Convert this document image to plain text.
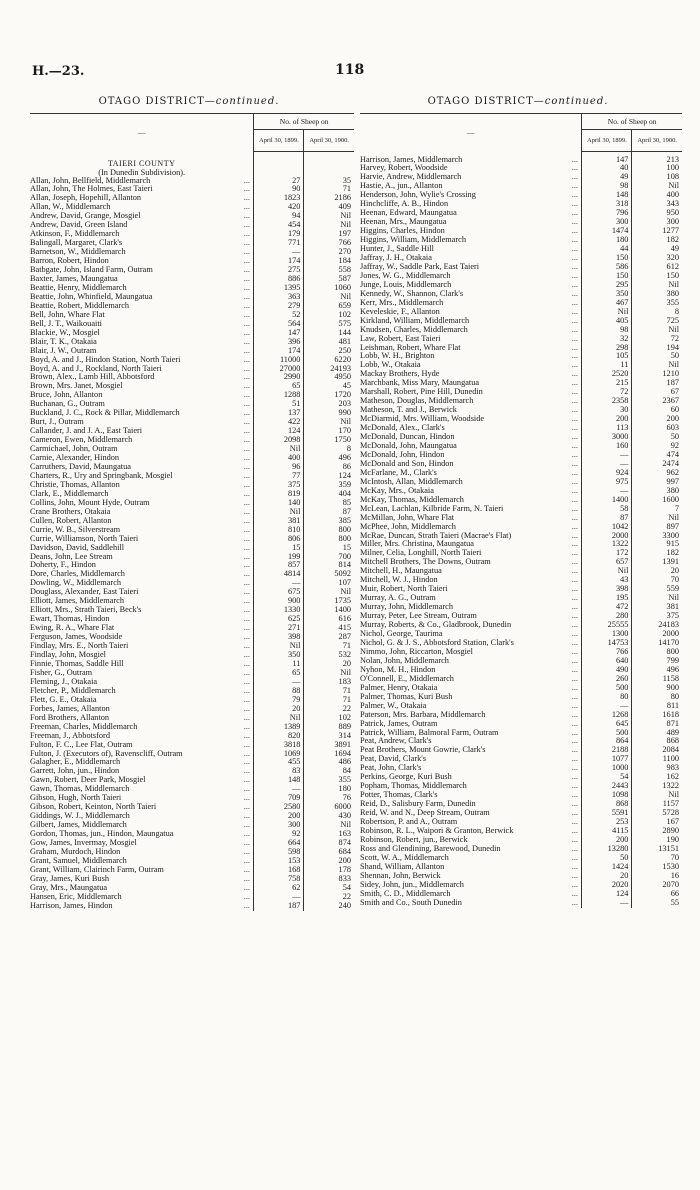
H.—23.	118
OTAGO DISTRICT—continued.
—	No. of Sheep on	
	April 30, 1899.	April 30, 1900.
TAIERI COUNTY		
(In Dunedin Subdivision).		

Allan, John, Bellfield, Middlemarch ...	27	35

Allan, John, The Holmes, East Taieri ...	90	71

Allan, Joseph, Hopehill, Allanton ...	1823	2186

Allan, W., Middlemarch ...	420	409

Andrew, David, Grange, Mosgiel ...	94	Nil

Andrew, David, Green Island ...	454	Nil

Atkinson, F., Middlemarch ...	179	197

Balingall, Margaret, Clark's ...	771	766

Barnetson, W., Middlemarch ...	—	270

Barron, Robert, Hindon ...	174	184

Batbgate, John, Island Farm, Outram ...	275	558

Baxter, James, Maungatua ...	886	587

Beattie, Henry, Middlemarch ...	1395	1060

Beattie, John, Whinfield, Maungatua ...	363	Nil

Beattie, Robert, Middlemarch ...	279	659

Bell, John, Whare Flat ...	52	102

Bell, J. T., Waikouaiti ...	564	575

Blackie, W., Mosgiel ...	147	144

Blair, T. K., Otakaia ...	396	481

Blair, J. W., Outram ...	174	250

Boyd, A. and J., Hindon Station, North Taieri ...	11000	6220

Boyd, A. and J., Rockland, North Taieri ...	27000	24193

Brown, Alex., Lamb Hill, Abbotsford ...	2990	4950

Brown, Mrs. Janet, Mosgiel ...	65	45

Bruce, John, Allanton ...	1288	1720

Buchanan, G., Outram ...	51	203

Buckland, J. C., Rock & Pillar, Middlemarch ...	137	990

Burt, J., Outram ...	422	Nil

Callander, J. and J. A., East Taieri ...	124	170

Cameron, Ewen, Middlemarch ...	2098	1750

Carmichael, John, Outram ...	Nil	8

Carnie, Alexander, Hindon ...	400	496

Carruthers, David, Maungatua ...	96	86

Charters, R., Ury and Springbank, Mosgiel ...	77	124

Christie, Thomas, Allanton ...	375	359

Clark, E., Middlemarch ...	819	404

Collins, John, Mount Hyde, Outram ...	140	85

Crane Brothers, Otakaia ...	Nil	87

Cullen, Robert, Allanton ...	381	385

Currie, W. B., Silverstream ...	810	800

Currie, Williamson, North Taieri ...	806	800

Davidson, David, Saddlehill ...	15	15

Deans, John, Lee Stream ...	199	700

Doherty, F., Hindon ...	857	814

Dore, Charles, Middlemarch ...	4814	5092

Dowling, W., Middlemarch ...	—	107

Douglass, Alexander, East Taieri ...	675	Nil

Elliott, James, Middlemarch ...	900	1735

Elliott, Mrs., Strath Taieri, Beck's ...	1330	1400

Ewart, Thomas, Hindon ...	625	616

Ewing, R. A., Whare Flat ...	271	415

Ferguson, James, Woodside ...	398	287

Findlay, Mrs. E., North Taieri ...	Nil	71

Findlay, John, Mosgiel ...	350	532

Finnie, Thomas, Saddle Hill ...	11	20

Fisher, G., Outram ...	65	Nil

Fleming, J., Otakaia ...	—	183

Fletcher, P., Middlemarch ...	88	71

Flett, G. E., Otakaia ...	79	71

Forbes, James, Allanton ...	20	22

Ford Brothers, Allanton ...	Nil	102

Freeman, Charles, Middlemarch ...	1389	889

Freeman, J., Abbotsford ...	820	314

Fulton, F. C., Lee Flat, Outram ...	3818	3891

Fulton, J. (Executors of), Ravenscliff, Outram ...	1069	1694

Galagher, E., Middlemarch ...	455	486

Garrett, John, jun., Hindon ...	83	84

Gawn, Robert, Deer Park, Mosgiel ...	148	355

Gawn, Thomas, Middlemarch ...	—	180

Gibson, Hugh, North Taieri ...	709	76

Gibson, Robert, Keinton, North Taieri ...	2580	6000

Giddings, W. J., Middlemarch ...	200	430

Gilbert, James, Middlemarch ...	300	Nil

Gordon, Thomas, jun., Hindon, Maungatua ...	92	163

Gow, James, Invermay, Mosgiel ...	664	874

Graham, Murdoch, Hindon ...	598	684

Grant, Samuel, Middlemarch ...	153	200

Grant, William, Clairinch Farm, Outram ...	168	178

Gray, James, Kuri Bush ...	758	833

Gray, Mrs., Maungatua ...	62	54

Hansen, Eric, Middlemarch ...	—	22

Harrison, James, Hindon ...	187	240
OTAGO DISTRICT—continued.
—	No. of Sheep on	
	April 30, 1899.	April 30, 1900.

Harrison, James, Middlemarch ...	147	213

Harvey, Robert, Woodside ...	40	100

Harvie, Andrew, Middlemarch ...	49	108

Hastie, A., jun., Allanton ...	98	Nil

Henderson, John, Wylie's Crossing ...	148	400

Hinchcliffe, A. B., Hindon ...	318	343

Heenan, Edward, Maungatua ...	796	950

Heenan, Mrs., Maungatua ...	300	300

Higgins, Charles, Hindon ...	1474	1277

Higgins, William, Middlemarch ...	180	182

Hunter, J., Saddle Hill ...	44	49

Jaffray, J. H., Otakaia ...	150	320

Jaffray, W., Saddle Park, East Taieri ...	586	612

Jones, W. G., Middlemarch ...	150	150

Junge, Louis, Middlemarch ...	295	Nil

Kennedy, W., Shannon, Clark's ...	350	380

Kerr, Mrs., Middlemarch ...	467	355

Keveleskie, F., Allanton ...	Nil	8

Kirkland, William, Middlemarch ...	405	725

Knudsen, Charles, Middlemarch ...	98	Nil

Law, Robert, East Taieri ...	32	72

Leishman, Robert, Whare Flat ...	298	194

Lobb, W. H., Brighton ...	105	50

Lobb, W., Otakaia ...	11	Nil

Mackay Brothers, Hyde ...	2520	1210

Marchbank, Miss Mary, Maungatua ...	215	187

Marshall, Robert, Pine Hill, Dunedin ...	72	67

Matheson, Douglas, Middlemarch ...	2358	2367

Matheson, T. and J., Berwick ...	30	60

McDiarmid, Mrs. William, Woodside ...	200	200

McDonald, Alex., Clark's ...	113	603

McDonald, Duncan, Hindon ...	3000	50

McDonald, John, Maungatua ...	160	92

McDonald, John, Hindon ...	—	474

McDonald and Son, Hindon ...	—	2474

McFarlane, M., Clark's ...	924	962

McIntosh, Allan, Middlemarch ...	975	997

McKay, Mrs., Otakaia ...	—	380

McKay, Thomas, Middlemarch ...	1400	1600

McLean, Lachlan, Kilbride Farm, N. Taieri ...	58	7

McMillan, John, Whare Flat ...	87	Nil

McPhee, John, Middlemarch ...	1042	897

McRae, Duncan, Strath Taieri (Macrae's Flat) ...	2000	3300

Miller, Mrs. Christina, Maungatua ...	1322	915

Milner, Celia, Longhill, North Taieri ...	172	182

Mitchell Brothers, The Downs, Outram ...	657	1391

Mitchell, H., Maungatua ...	Nil	20

Mitchell, W. J., Hindon ...	43	70

Muir, Robert, North Taieri ...	398	559

Murray, A. G., Outram ...	195	Nil

Murray, John, Middlemarch ...	472	381

Murray, Peter, Lee Stream, Outram ...	280	375

Murray, Roberts, & Co., Gladbrook, Dunedin ...	25555	24183

Nichol, George, Taurima ...	1300	2000

Nichol, G. & J. S., Abbotsford Station, Clark's ...	14753	14170

Nimmo, John, Riccarton, Mosgiel ...	766	800

Nolan, John, Middlemarch ...	640	799

Nyhon, M. H., Hindon ...	490	496

O'Connell, E., Middlemarch ...	260	1158

Palmer, Henry, Otakaia ...	500	900

Palmer, Thomas, Kuri Bush ...	80	80

Palmer, W., Otakaia ...	—	811

Paterson, Mrs. Barbara, Middlemarch ...	1268	1618

Patrick, James, Outram ...	645	871

Patrick, William, Balmoral Farm, Outram ...	500	489

Peat, Andrew, Clark's ...	864	868

Peat Brothers, Mount Gowrie, Clark's ...	2188	2084

Peat, David, Clark's ...	1077	1100

Peat, John, Clark's ...	1000	983

Perkins, George, Kuri Bush ...	54	162

Popham, Thomas, Middlemarch ...	2443	1322

Potter, Thomas, Clark's ...	1098	Nil

Reid, D., Salisbury Farm, Dunedin ...	868	1157

Reid, W. and N., Deep Stream, Outram ...	5591	5728

Robertson, P. and A., Outram ...	253	167

Robinson, R. L., Waipori & Granton, Berwick ...	4115	2890

Robinson, Robert, jun., Berwick ...	200	190

Ross and Glendining, Barewood, Dunedin ...	13280	13151

Scott, W. A., Middlemarch ...	50	70

Shand, William, Allanton ...	1424	1530

Shennan, John, Berwick ...	20	16

Sidey, John, jun., Middlemarch ...	2020	2070

Smith, C. D., Middlemarch ...	124	66

Smith and Co., South Dunedin ...	—	55
